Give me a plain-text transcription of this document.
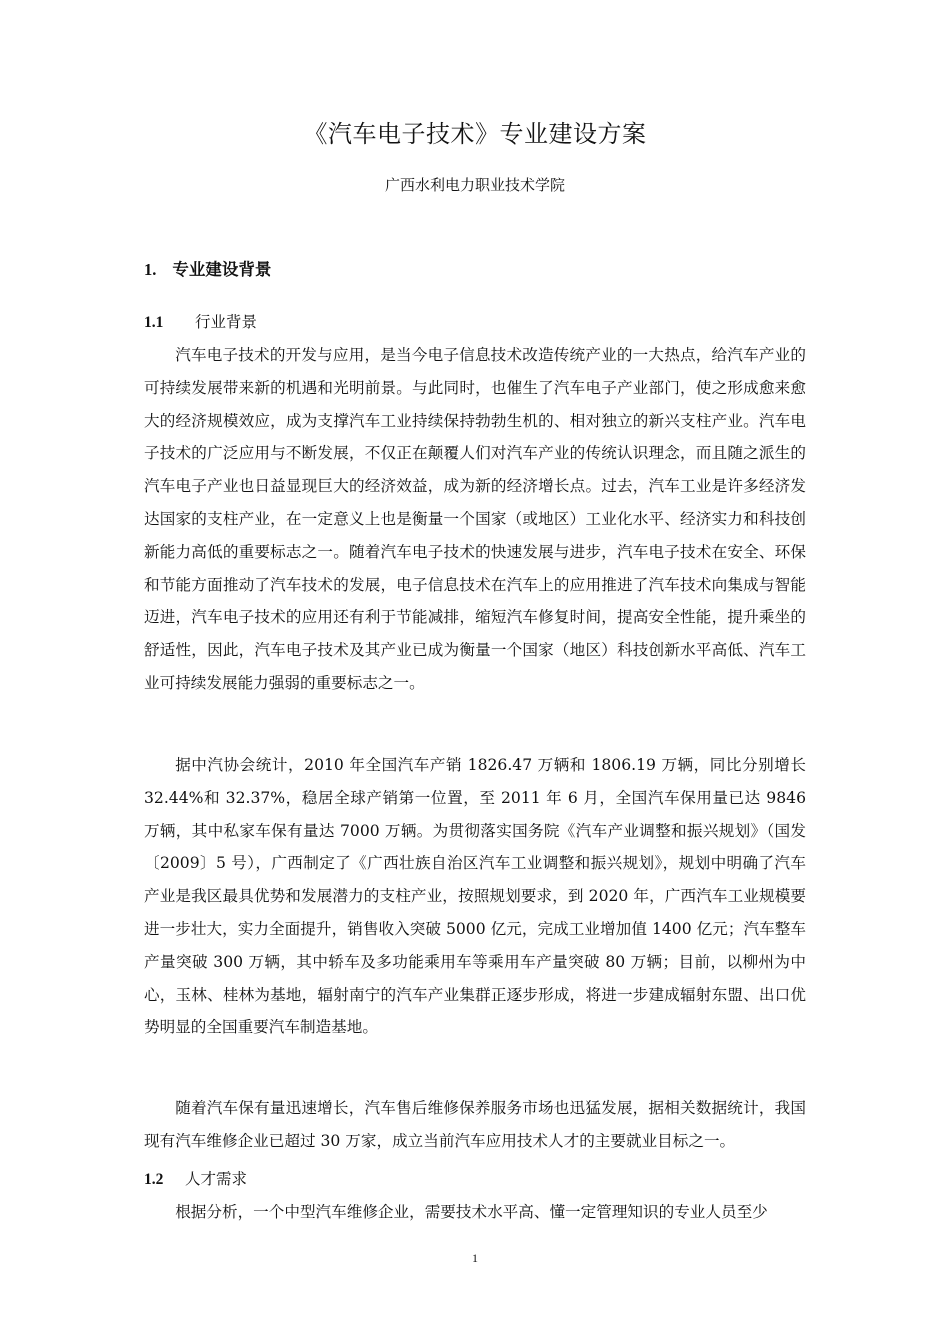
《汽车电子技术》专业建设方案
广西水利电力职业技术学院
1. 专业建设背景
1.1 行业背景

汽车电子技术的开发与应用，是当今电子信息技术改造传统产业的一大热点，给汽车产业的可持续发展带来新的机遇和光明前景。与此同时，也催生了汽车电子产业部门，使之形成愈来愈大的经济规模效应，成为支撑汽车工业持续保持勃勃生机的、相对独立的新兴支柱产业。汽车电子技术的广泛应用与不断发展，不仅正在颠覆人们对汽车产业的传统认识理念，而且随之派生的汽车电子产业也日益显现巨大的经济效益，成为新的经济增长点。过去，汽车工业是许多经济发达国家的支柱产业，在一定意义上也是衡量一个国家（或地区）工业化水平、经济实力和科技创新能力高低的重要标志之一。随着汽车电子技术的快速发展与进步，汽车电子技术在安全、环保和节能方面推动了汽车技术的发展，电子信息技术在汽车上的应用推进了汽车技术向集成与智能迈进，汽车电子技术的应用还有利于节能减排，缩短汽车修复时间，提高安全性能，提升乘坐的舒适性，因此，汽车电子技术及其产业已成为衡量一个国家（地区）科技创新水平高低、汽车工业可持续发展能力强弱的重要标志之一。

据中汽协会统计，2010 年全国汽车产销 1826.47 万辆和 1806.19 万辆，同比分别增长 32.44%和 32.37%，稳居全球产销第一位置，至 2011 年 6 月，全国汽车保用量已达 9846 万辆，其中私家车保有量达 7000 万辆。为贯彻落实国务院《汽车产业调整和振兴规划》（国发〔2009〕5 号），广西制定了《广西壮族自治区汽车工业调整和振兴规划》，规划中明确了汽车产业是我区最具优势和发展潜力的支柱产业，按照规划要求，到 2020 年，广西汽车工业规模要进一步壮大，实力全面提升，销售收入突破 5000 亿元，完成工业增加值 1400 亿元；汽车整车产量突破 300 万辆，其中轿车及多功能乘用车等乘用车产量突破 80 万辆；目前，以柳州为中心，玉林、桂林为基地，辐射南宁的汽车产业集群正逐步形成，将进一步建成辐射东盟、出口优势明显的全国重要汽车制造基地。

随着汽车保有量迅速增长，汽车售后维修保养服务市场也迅猛发展，据相关数据统计，我国现有汽车维修企业已超过 30 万家，成立当前汽车应用技术人才的主要就业目标之一。

1.2 人才需求

根据分析，一个中型汽车维修企业，需要技术水平高、懂一定管理知识的专业人员至少

1
